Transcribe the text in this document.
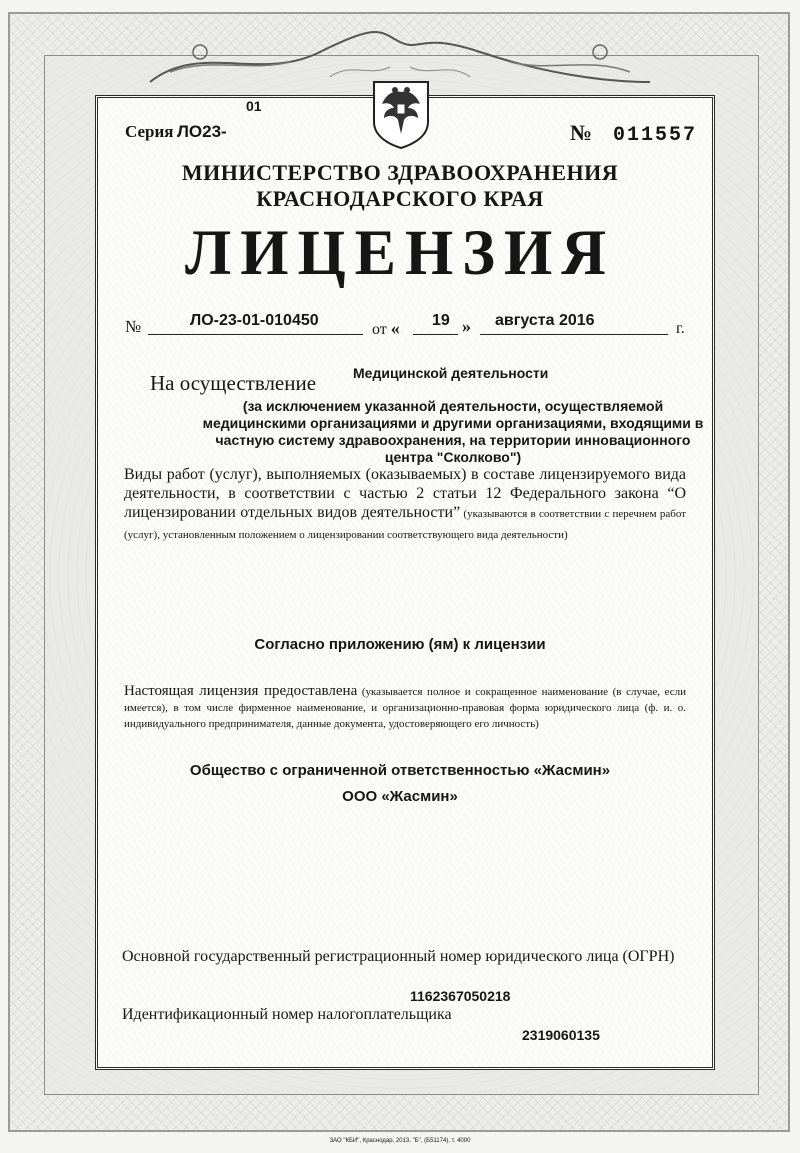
Серия ЛО23-
01
№ 011557
МИНИСТЕРСТВО ЗДРАВООХРАНЕНИЯ
КРАСНОДАРСКОГО КРАЯ
ЛИЦЕНЗИЯ
№	ЛО-23-01-010450
от « 19 » августа 2016	г.
На осуществление	Медицинской деятельности
(за исключением указанной деятельности, осуществляемой медицинскими организациями и другими организациями, входящими в частную систему здравоохранения, на территории инновационного центра "Сколково")
Виды работ (услуг), выполняемых (оказываемых) в составе лицензируемого вида деятельности, в соответствии с частью 2 статьи 12 Федерального закона “О лицензировании отдельных видов деятельности” (указываются в соответствии с перечнем работ (услуг), установленным положением о лицензировании соответствующего вида деятельности)
Согласно приложению (ям) к лицензии
Настоящая лицензия предоставлена (указывается полное и сокращенное наименование (в случае, если имеется), в том числе фирменное наименование, и организационно-правовая форма юридического лица (ф. и. о. индивидуального предпринимателя, данные документа, удостоверяющего его личность)
Общество с ограниченной ответственностью «Жасмин»
ООО «Жасмин»
Основной государственный регистрационный номер юридического лица (ОГРН)
1162367050218
Идентификационный номер налогоплательщика
2319060135
ЗАО "КБИ", Краснодар, 2013, "Б", (Б51174), т. 4000
